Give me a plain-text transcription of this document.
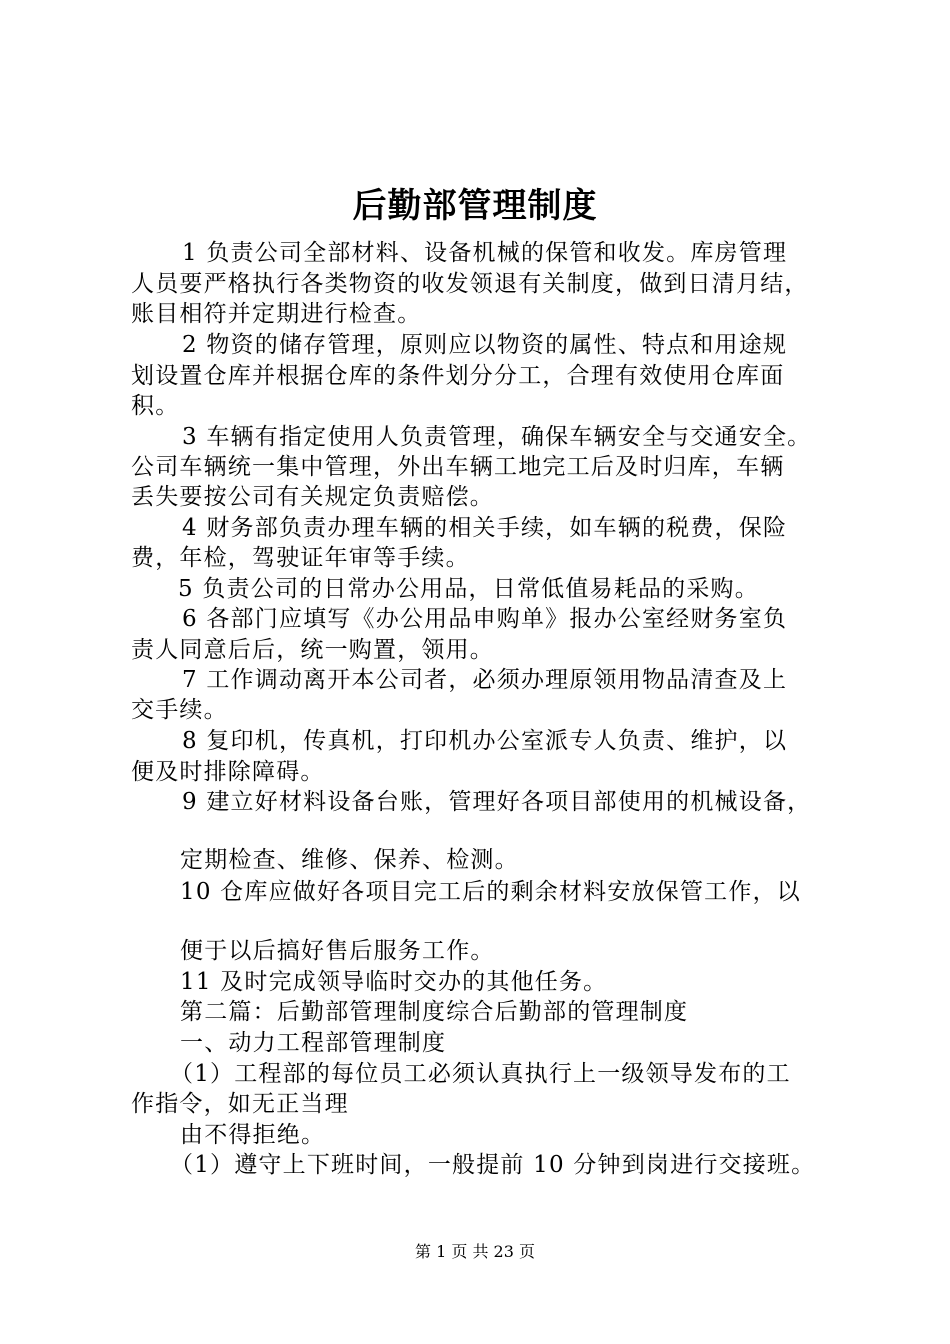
后勤部管理制度
1 负责公司全部材料、设备机械的保管和收发。库房管理
人员要严格执行各类物资的收发领退有关制度，做到日清月结，
账目相符并定期进行检查。
2 物资的储存管理，原则应以物资的属性、特点和用途规
划设置仓库并根据仓库的条件划分分工，合理有效使用仓库面
积。
3 车辆有指定使用人负责管理，确保车辆安全与交通安全。
公司车辆统一集中管理，外出车辆工地完工后及时归库，车辆
丢失要按公司有关规定负责赔偿。
4 财务部负责办理车辆的相关手续，如车辆的税费，保险
费，年检，驾驶证年审等手续。
5 负责公司的日常办公用品，日常低值易耗品的采购。
6 各部门应填写《办公用品申购单》报办公室经财务室负
责人同意后后，统一购置，领用。
7 工作调动离开本公司者，必须办理原领用物品清查及上
交手续。
8 复印机，传真机，打印机办公室派专人负责、维护，以
便及时排除障碍。
9 建立好材料设备台账，管理好各项目部使用的机械设备，
定期检查、维修、保养、检测。
10 仓库应做好各项目完工后的剩余材料安放保管工作，以
便于以后搞好售后服务工作。
11 及时完成领导临时交办的其他任务。
第二篇：后勤部管理制度综合后勤部的管理制度
一、动力工程部管理制度
（1）工程部的每位员工必须认真执行上一级领导发布的工
作指令，如无正当理
由不得拒绝。
（1）遵守上下班时间，一般提前 10 分钟到岗进行交接班。
第 1 页 共 23 页
